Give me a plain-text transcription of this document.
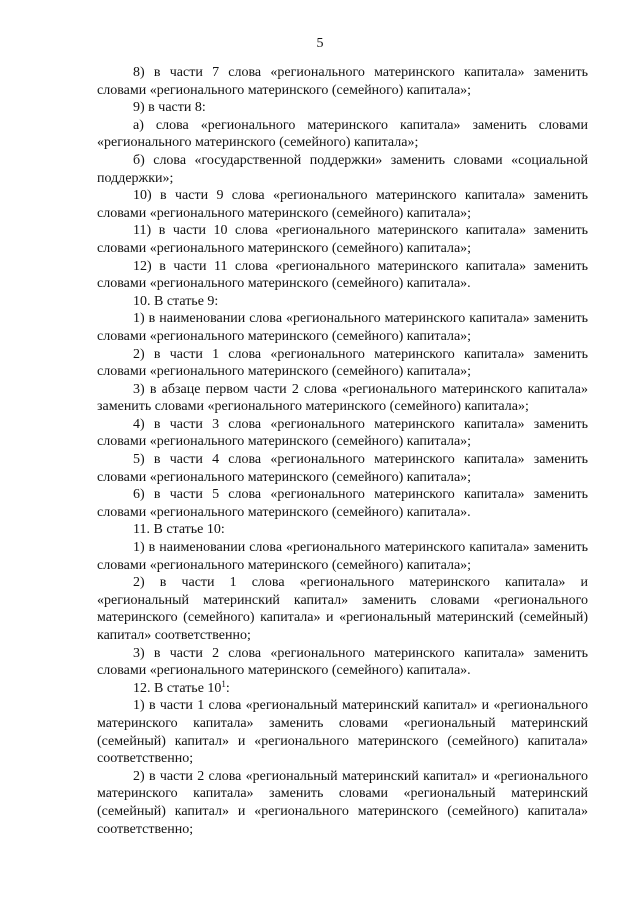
5

8) в части 7 слова «регионального материнского капитала» заменить словами «регионального материнского (семейного) капитала»;

9) в части 8:

а) слова «регионального материнского капитала» заменить словами «регионального материнского (семейного) капитала»;

б) слова «государственной поддержки» заменить словами «социальной поддержки»;

10) в части 9 слова «регионального материнского капитала» заменить словами «регионального материнского (семейного) капитала»;

11) в части 10 слова «регионального материнского капитала» заменить словами «регионального материнского (семейного) капитала»;

12) в части 11 слова «регионального материнского капитала» заменить словами «регионального материнского (семейного) капитала».

10. В статье 9:

1) в наименовании слова «регионального материнского капитала» заменить словами «регионального материнского (семейного) капитала»;

2) в части 1 слова «регионального материнского капитала» заменить словами «регионального материнского (семейного) капитала»;

3) в абзаце первом части 2 слова «регионального материнского капитала» заменить словами «регионального материнского (семейного) капитала»;

4) в части 3 слова «регионального материнского капитала» заменить словами «регионального материнского (семейного) капитала»;

5) в части 4 слова «регионального материнского капитала» заменить словами «регионального материнского (семейного) капитала»;

6) в части 5 слова «регионального материнского капитала» заменить словами «регионального материнского (семейного) капитала».

11. В статье 10:

1) в наименовании слова «регионального материнского капитала» заменить словами «регионального материнского (семейного) капитала»;

2) в части 1 слова «регионального материнского капитала» и «региональный материнский капитал» заменить словами «регионального материнского (семейного) капитала» и «региональный материнский (семейный) капитал» соответственно;

3) в части 2 слова «регионального материнского капитала» заменить словами «регионального материнского (семейного) капитала».

12. В статье $10^1$:

1) в части 1 слова «региональный материнский капитал» и «регионального материнского капитала» заменить словами «региональный материнский (семейный) капитал» и «регионального материнского (семейного) капитала» соответственно;

2) в части 2 слова «региональный материнский капитал» и «регионального материнского капитала» заменить словами «региональный материнский (семейный) капитал» и «регионального материнского (семейного) капитала» соответственно;
